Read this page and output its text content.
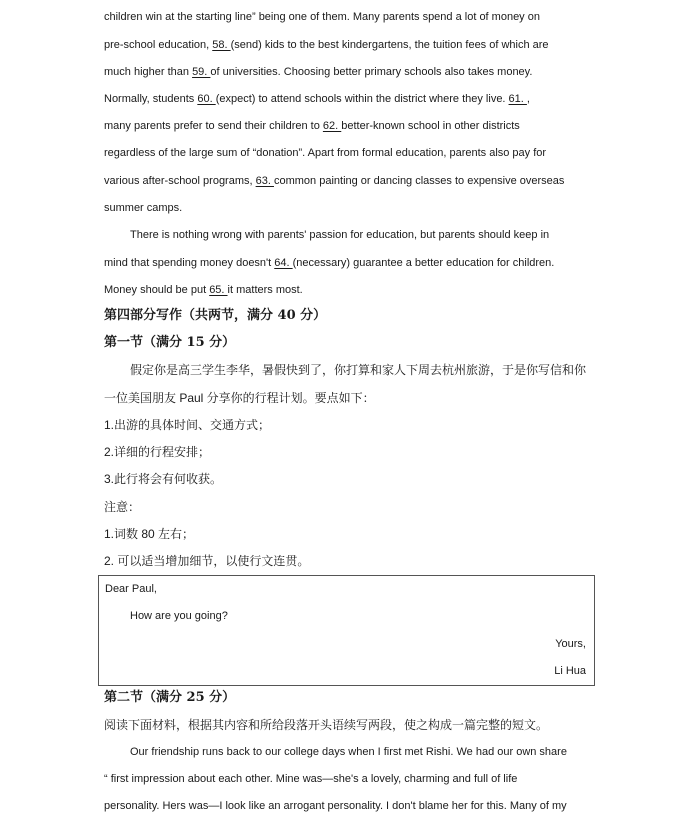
children win at the starting line” being one of them. Many parents spend a lot of money on
pre-school education, 58. (send) kids to the best kindergartens, the tuition fees of which are
much higher than 59. of universities. Choosing better primary schools also takes money.
Normally, students 60. (expect) to attend schools within the district where they live. 61. ,
many parents prefer to send their children to 62. better-known school in other districts
regardless of the large sum of “donation”. Apart from formal education, parents also pay for
various after-school programs, 63. common painting or dancing classes to expensive overseas
summer camps.
There is nothing wrong with parents' passion for education, but parents should keep in
mind that spending money doesn't 64. (necessary) guarantee a better education for children.
Money should be put 65. it matters most.
第四部分写作（共两节，满分 40 分）
第一节（满分 15 分）
假定你是高三学生李华，暑假快到了，你打算和家人下周去杭州旅游，于是你写信和你
一位美国朋友 Paul 分享你的行程计划。要点如下：
1.出游的具体时间、交通方式；
2.详细的行程安排；
3.此行将会有何收获。
注意：
1.词数 80 左右；
2. 可以适当增加细节，以使行文连贯。
Dear Paul,
How are you going?
Yours,
Li Hua
第二节（满分 25 分）
阅读下面材料，根据其内容和所给段落开头语续写两段，使之构成一篇完整的短文。
Our friendship runs back to our college days when I first met Rishi. We had our own share
“ first impression about each other. Mine was—she's a lovely, charming and full of life
personality. Hers was—I look like an arrogant personality. I don't blame her for this. Many of my
